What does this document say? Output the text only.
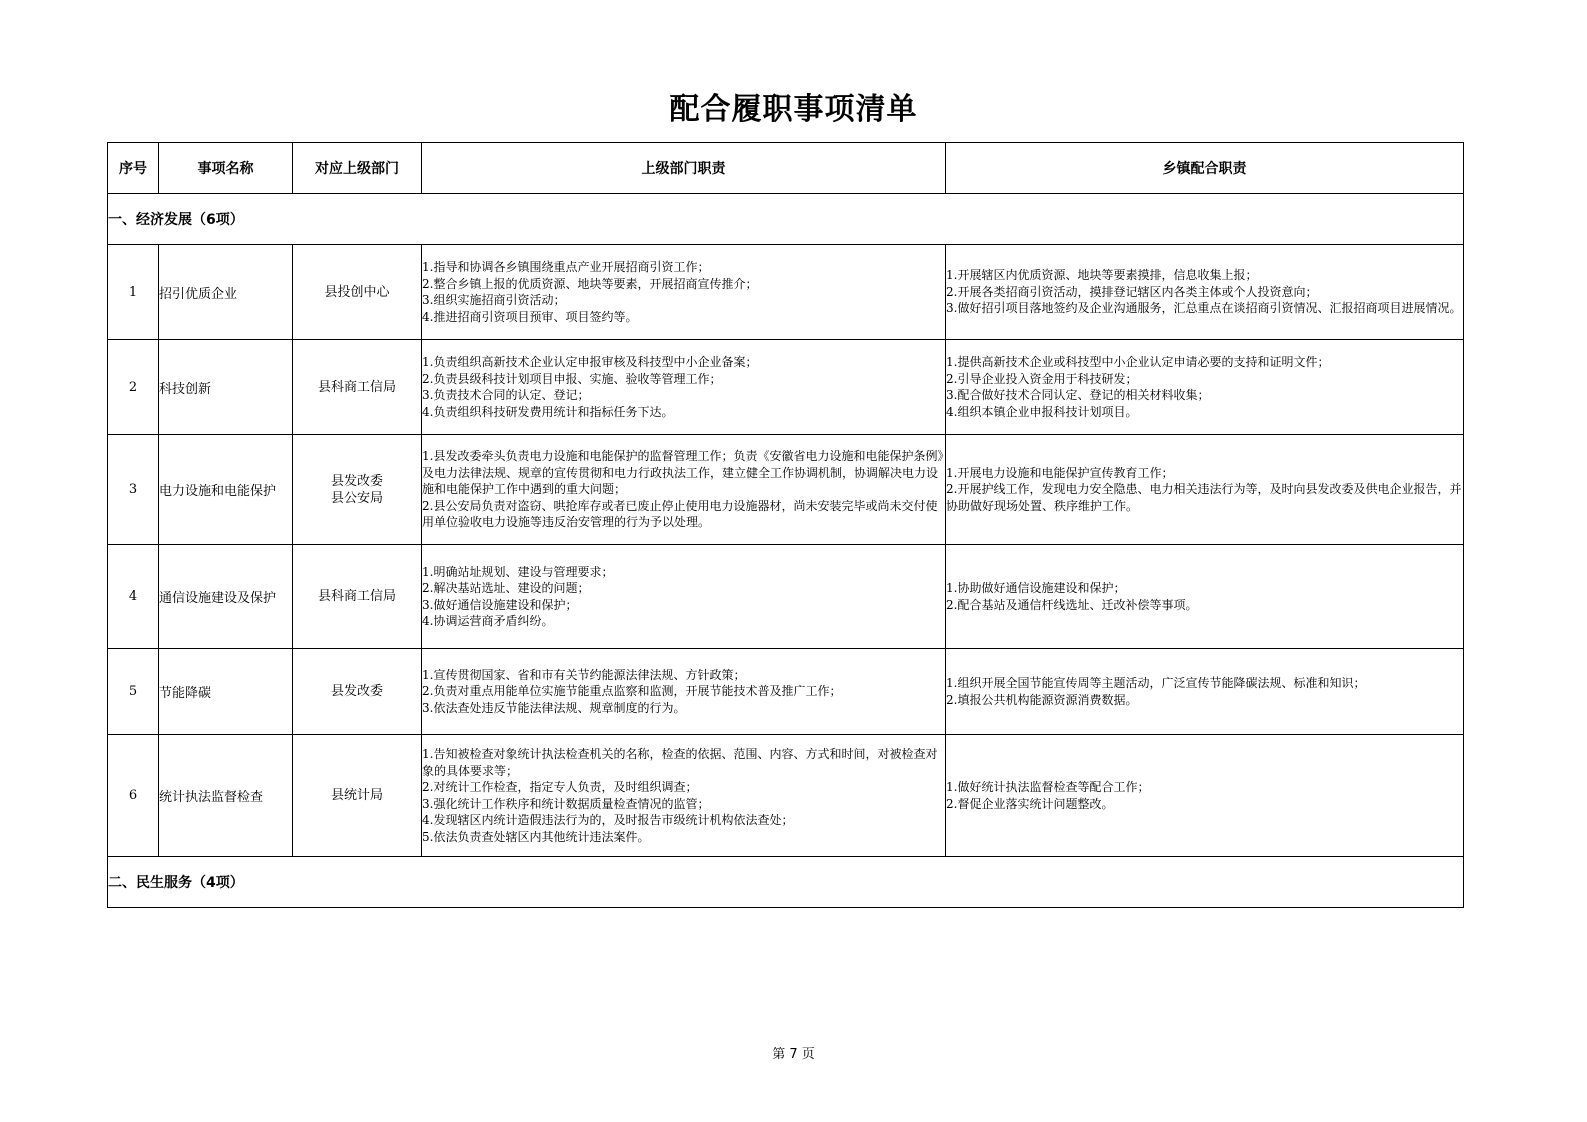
配合履职事项清单
序号	事项名称	对应上级部门	上级部门职责	乡镇配合职责
一、经济发展（6项）				
1	招引优质企业	县投创中心	1.指导和协调各乡镇围绕重点产业开展招商引资工作；
2.整合乡镇上报的优质资源、地块等要素，开展招商宣传推介；
3.组织实施招商引资活动；
4.推进招商引资项目预审、项目签约等。	1.开展辖区内优质资源、地块等要素摸排，信息收集上报；
2.开展各类招商引资活动，摸排登记辖区内各类主体或个人投资意向；
3.做好招引项目落地签约及企业沟通服务，汇总重点在谈招商引资情况、汇报招商项目进展情况。

2	科技创新	县科商工信局	1.负责组织高新技术企业认定申报审核及科技型中小企业备案；
2.负责县级科技计划项目申报、实施、验收等管理工作；
3.负责技术合同的认定、登记；
4.负责组织科技研发费用统计和指标任务下达。	1.提供高新技术企业或科技型中小企业认定申请必要的支持和证明文件；
2.引导企业投入资金用于科技研发；
3.配合做好技术合同认定、登记的相关材料收集；
4.组织本镇企业申报科技计划项目。

3	电力设施和电能保护	县发改委
县公安局	1.县发改委牵头负责电力设施和电能保护的监督管理工作；负责《安徽省电力设施和电能保护条例》及电力法律法规、规章的宣传贯彻和电力行政执法工作，建立健全工作协调机制，协调解决电力设施和电能保护工作中遇到的重大问题；
2.县公安局负责对盗窃、哄抢库存或者已废止停止使用电力设施器材，尚未安装完毕或尚未交付使用单位验收电力设施等违反治安管理的行为予以处理。	1.开展电力设施和电能保护宣传教育工作；
2.开展护线工作，发现电力安全隐患、电力相关违法行为等，及时向县发改委及供电企业报告，并协助做好现场处置、秩序维护工作。

4	通信设施建设及保护	县科商工信局	1.明确站址规划、建设与管理要求；
2.解决基站选址、建设的问题；
3.做好通信设施建设和保护；
4.协调运营商矛盾纠纷。	1.协助做好通信设施建设和保护；
2.配合基站及通信杆线选址、迁改补偿等事项。

5	节能降碳	县发改委	1.宣传贯彻国家、省和市有关节约能源法律法规、方针政策；
2.负责对重点用能单位实施节能重点监察和监测，开展节能技术普及推广工作；
3.依法查处违反节能法律法规、规章制度的行为。	1.组织开展全国节能宣传周等主题活动，广泛宣传节能降碳法规、标准和知识；
2.填报公共机构能源资源消费数据。

6	统计执法监督检查	县统计局	1.告知被检查对象统计执法检查机关的名称，检查的依据、范围、内容、方式和时间，对被检查对象的具体要求等；
2.对统计工作检查，指定专人负责，及时组织调查；
3.强化统计工作秩序和统计数据质量检查情况的监管；
4.发现辖区内统计造假违法行为的，及时报告市级统计机构依法查处；
5.依法负责查处辖区内其他统计违法案件。	1.做好统计执法监督检查等配合工作；
2.督促企业落实统计问题整改。

二、民生服务（4项）				
第 7 页
